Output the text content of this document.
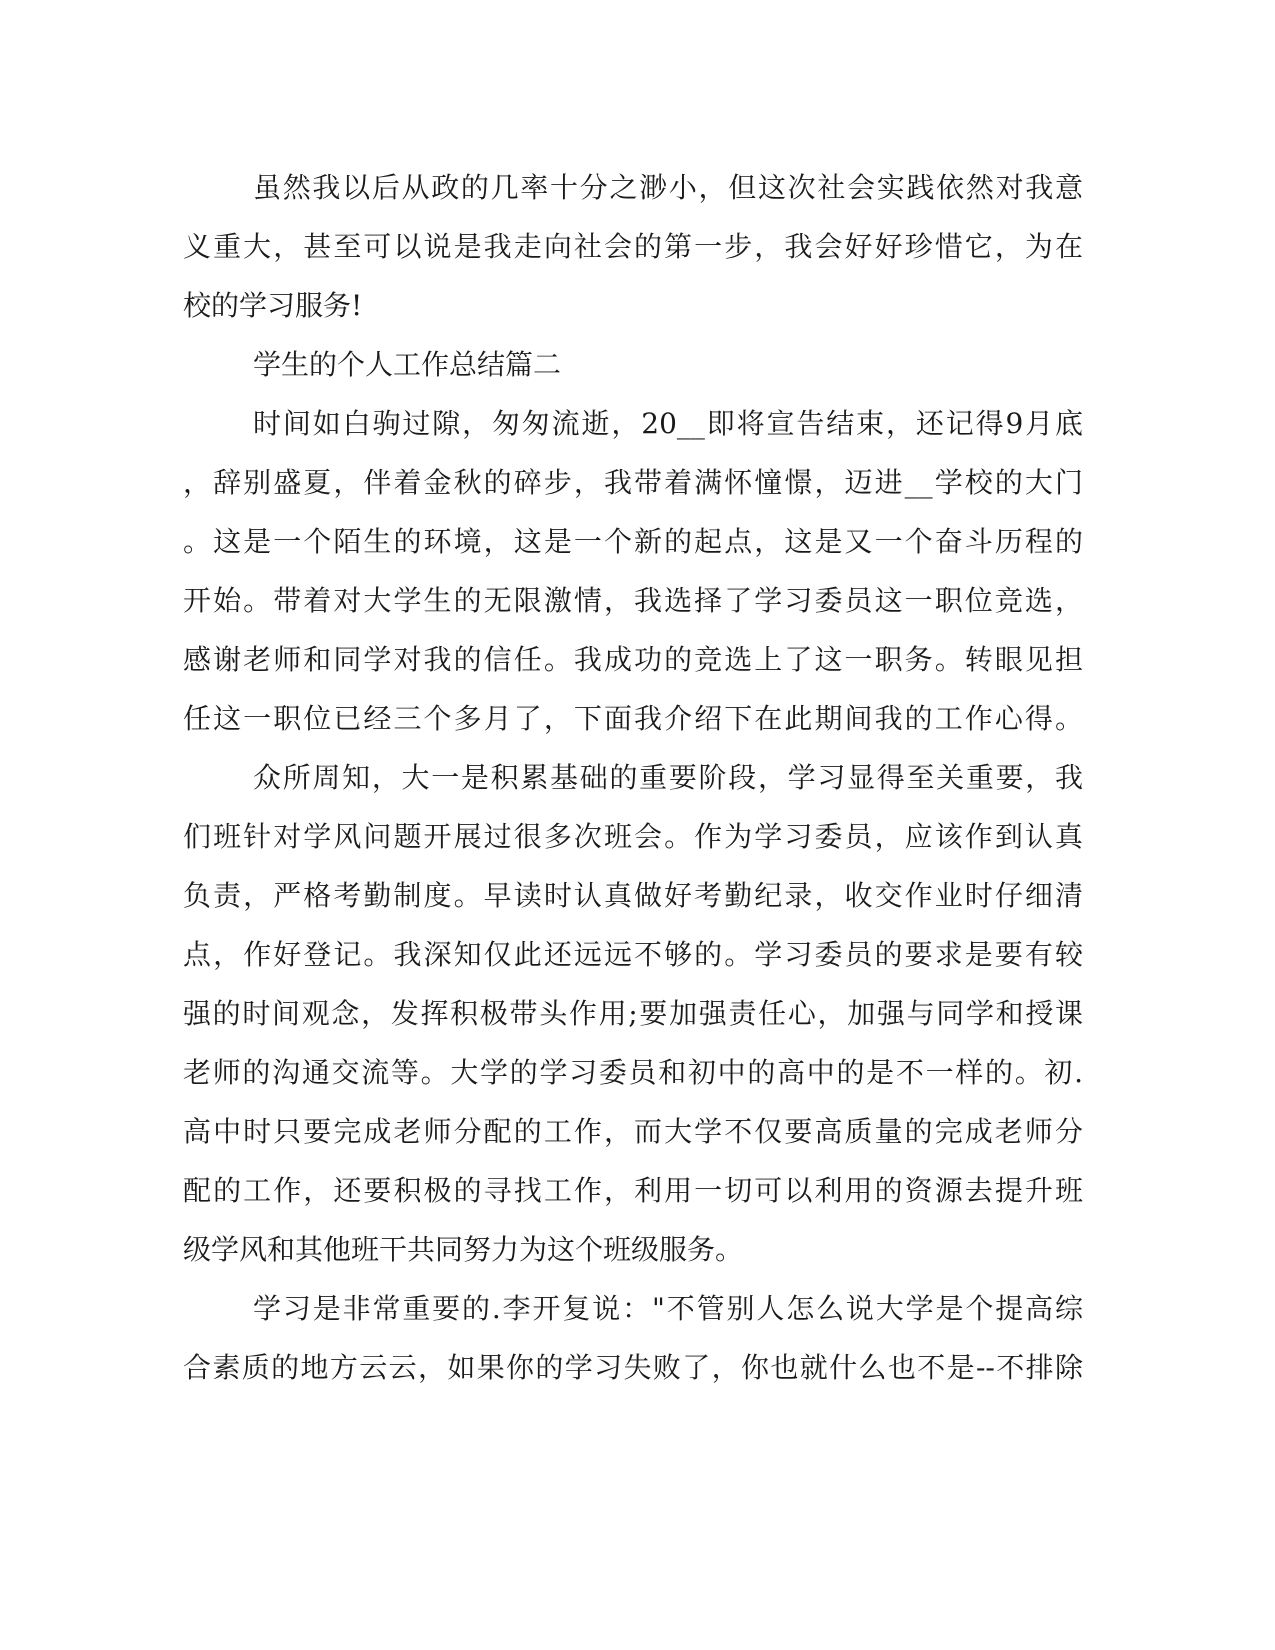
虽然我以后从政的几率十分之渺小，但这次社会实践依然对我意
义重大，甚至可以说是我走向社会的第一步，我会好好珍惜它，为在
校的学习服务!
学生的个人工作总结篇二
时间如白驹过隙，匆匆流逝，20__即将宣告结束，还记得9月底
，辞别盛夏，伴着金秋的碎步，我带着满怀憧憬，迈进__学校的大门
。这是一个陌生的环境，这是一个新的起点，这是又一个奋斗历程的
开始。带着对大学生的无限激情，我选择了学习委员这一职位竞选，
感谢老师和同学对我的信任。我成功的竞选上了这一职务。转眼见担
任这一职位已经三个多月了，下面我介绍下在此期间我的工作心得。
众所周知，大一是积累基础的重要阶段，学习显得至关重要，我
们班针对学风问题开展过很多次班会。作为学习委员，应该作到认真
负责，严格考勤制度。早读时认真做好考勤纪录，收交作业时仔细清
点，作好登记。我深知仅此还远远不够的。学习委员的要求是要有较
强的时间观念，发挥积极带头作用;要加强责任心，加强与同学和授课
老师的沟通交流等。大学的学习委员和初中的高中的是不一样的。初.
高中时只要完成老师分配的工作，而大学不仅要高质量的完成老师分
配的工作，还要积极的寻找工作，利用一切可以利用的资源去提升班
级学风和其他班干共同努力为这个班级服务。
学习是非常重要的.李开复说："不管别人怎么说大学是个提高综
合素质的地方云云，如果你的学习失败了，你也就什么也不是--不排除
